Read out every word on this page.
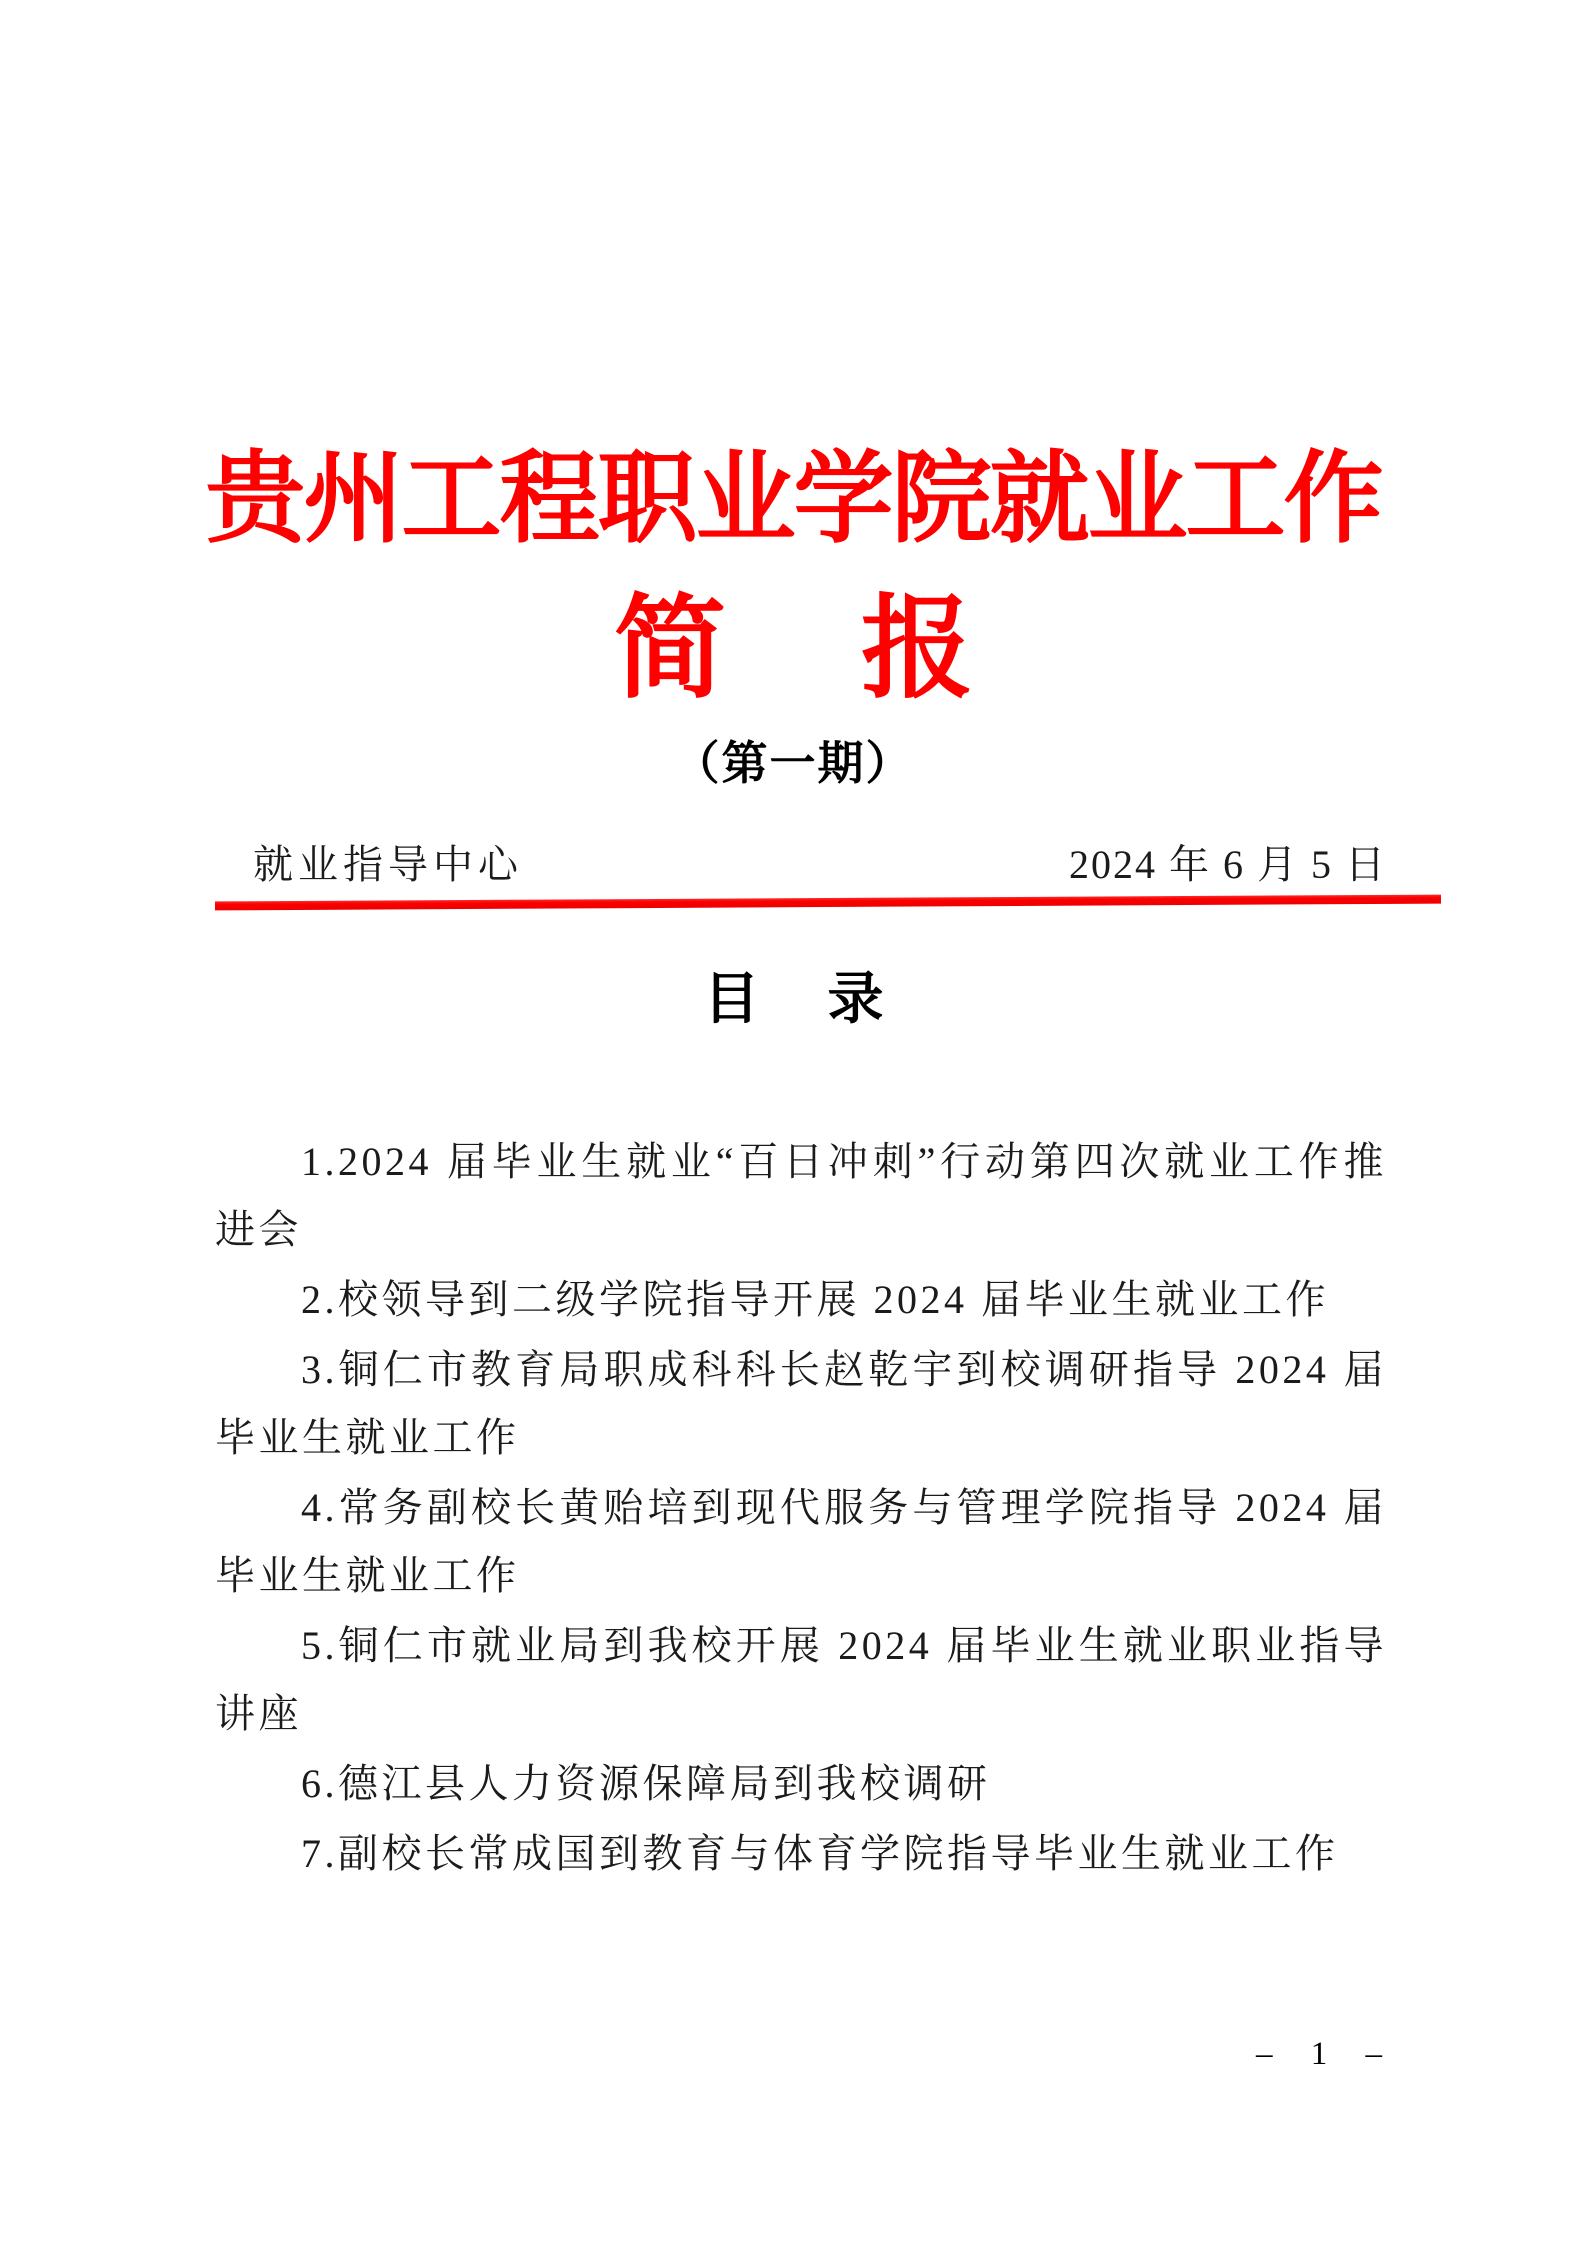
贵州工程职业学院就业工作
简 报
（第一期）
就业指导中心	2024 年 6 月 5 日
目 录

1.2024 届毕业生就业“百日冲刺”行动第四次就业工作推进会

2.校领导到二级学院指导开展 2024 届毕业生就业工作

3.铜仁市教育局职成科科长赵乾宇到校调研指导 2024 届毕业生就业工作

4.常务副校长黄贻培到现代服务与管理学院指导 2024 届毕业生就业工作

5.铜仁市就业局到我校开展 2024 届毕业生就业职业指导讲座

6.德江县人力资源保障局到我校调研

7.副校长常成国到教育与体育学院指导毕业生就业工作

– 1 –
